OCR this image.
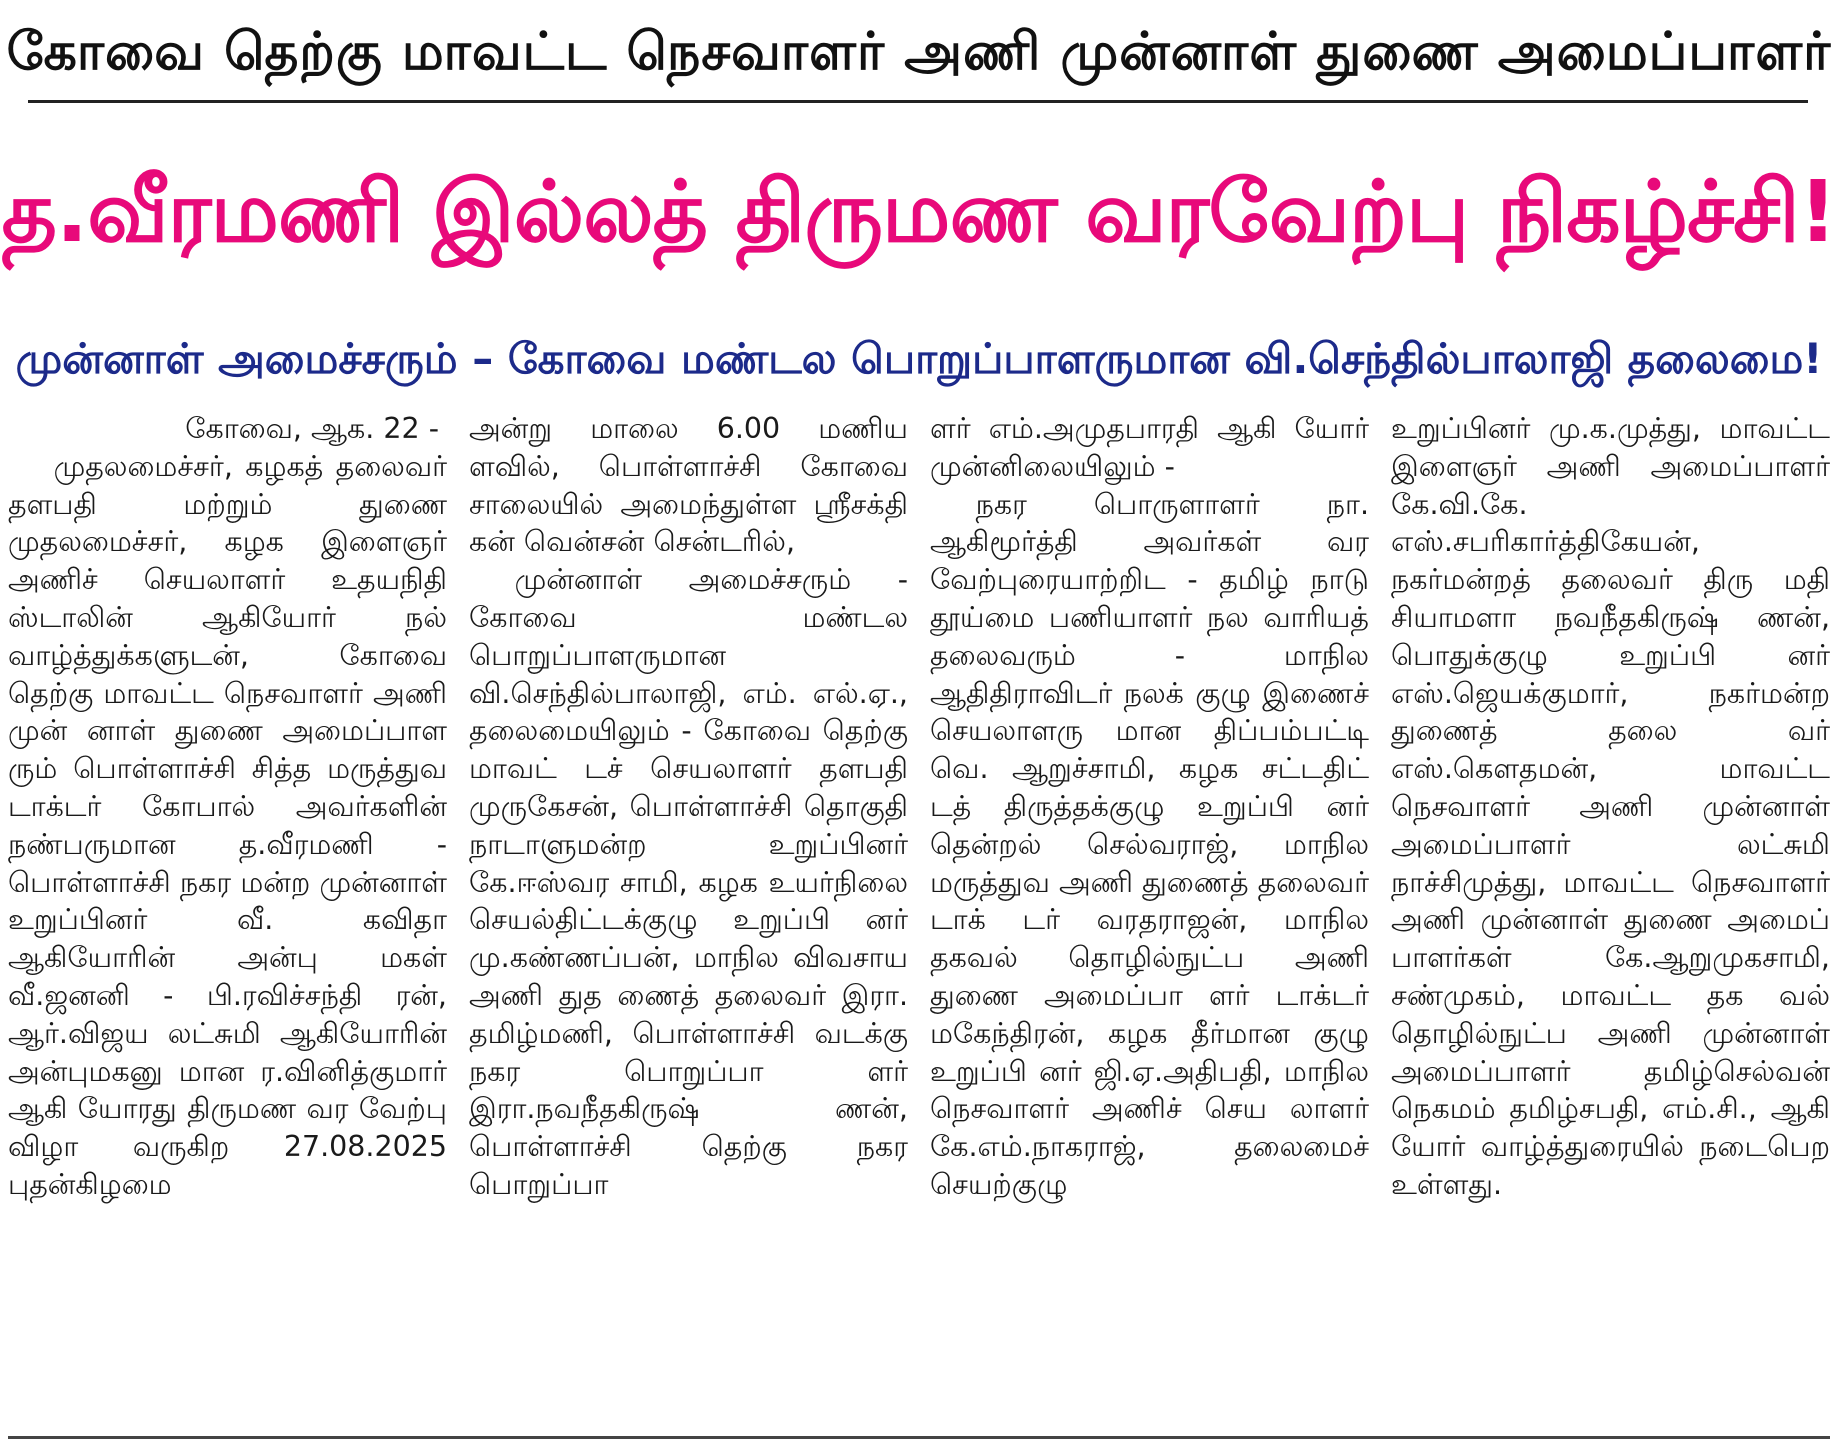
கோவை தெற்கு மாவட்ட நெசவாளர் அணி முன்னாள் துணை அமைப்பாளர்
த.வீரமணி இல்லத் திருமண வரவேற்பு நிகழ்ச்சி!
முன்னாள் அமைச்சரும் – கோவை மண்டல பொறுப்பாளருமான வி.செந்தில்பாலாஜி தலைமை!

கோவை, ஆக. 22 -

முதலமைச்சர், கழகத் தலைவர் தளபதி மற்றும் துணை முதலமைச்சர், கழக இளைஞர் அணிச் செயலாளர் உதயநிதி ஸ்டாலின் ஆகியோர் நல் வாழ்த்துக்களுடன், கோவை தெற்கு மாவட்ட நெசவாளர் அணி முன் னாள் துணை அமைப்பாள ரும் பொள்ளாச்சி சித்த மருத்துவ டாக்டர் கோபால் அவர்களின் நண்பருமான த.வீரமணி - பொள்ளாச்சி நகர மன்ற முன்னாள் உறுப்பினர் வீ. கவிதா ஆகியோரின் அன்பு மகள் வீ.ஜனனி - பி.ரவிச்சந்தி ரன், ஆர்.விஜய லட்சுமி ஆகியோரின் அன்புமகனு மான ர.வினித்குமார் ஆகி யோரது திருமண வர வேற்பு விழா வருகிற 27.08.2025 புதன்கிழமை

அன்று மாலை 6.00 மணிய ளவில், பொள்ளாச்சி கோவை சாலையில் அமைந்துள்ள ஸ்ரீசக்தி கன் வென்சன் சென்டரில்,

முன்னாள் அமைச்சரும் - கோவை மண்டல பொறுப்பாளருமான வி.செந்தில்பாலாஜி, எம். எல்.ஏ., தலைமையிலும் - கோவை தெற்கு மாவட் டச் செயலாளர் தளபதி முருகேசன், பொள்ளாச்சி தொகுதி நாடாளுமன்ற உறுப்பினர் கே.ஈஸ்வர சாமி, கழக உயர்நிலை செயல்திட்டக்குழு உறுப்பி னர் மு.கண்ணப்பன், மாநில விவசாய அணி துத ணைத் தலைவர் இரா. தமிழ்மணி, பொள்ளாச்சி வடக்கு நகர பொறுப்பா ளர் இரா.நவநீதகிருஷ் ணன், பொள்ளாச்சி தெற்கு நகர பொறுப்பா

ளர் எம்.அமுதபாரதி ஆகி யோர் முன்னிலையிலும் -

நகர பொருளாளர் நா. ஆகிமூர்த்தி அவர்கள் வர வேற்புரையாற்றிட - தமிழ் நாடு தூய்மை பணியாளர் நல வாரியத் தலைவரும் - மாநில ஆதிதிராவிடர் நலக் குழு இணைச் செயலாளரு மான திப்பம்பட்டி வெ. ஆறுச்சாமி, கழக சட்டதிட் டத் திருத்தக்குழு உறுப்பி னர் தென்றல் செல்வராஜ், மாநில மருத்துவ அணி துணைத் தலைவர் டாக் டர் வரதராஜன், மாநில தகவல் தொழில்நுட்ப அணி துணை அமைப்பா ளர் டாக்டர் மகேந்திரன், கழக தீர்மான குழு உறுப்பி னர் ஜி.ஏ.அதிபதி, மாநில நெசவாளர் அணிச் செய லாளர் கே.எம்.நாகராஜ், தலைமைச் செயற்குழு

உறுப்பினர் மு.க.முத்து, மாவட்ட இளைஞர் அணி அமைப்பாளர் கே.வி.கே. எஸ்.சபரிகார்த்திகேயன், நகர்மன்றத் தலைவர் திரு மதி சியாமளா நவநீதகிருஷ் ணன், பொதுக்குழு உறுப்பி னர் எஸ்.ஜெயக்குமார், நகர்மன்ற துணைத் தலை வர் எஸ்.கௌதமன், மாவட்ட நெசவாளர் அணி முன்னாள் அமைப்பாளர் லட்சுமி நாச்சிமுத்து, மாவட்ட நெசவாளர் அணி முன்னாள் துணை அமைப் பாளர்கள் கே.ஆறுமுகசாமி, சண்முகம், மாவட்ட தக வல் தொழில்நுட்ப அணி முன்னாள் அமைப்பாளர் தமிழ்செல்வன் நெகமம் தமிழ்சபதி, எம்.சி., ஆகி யோர் வாழ்த்துரையில் நடைபெற உள்ளது.
